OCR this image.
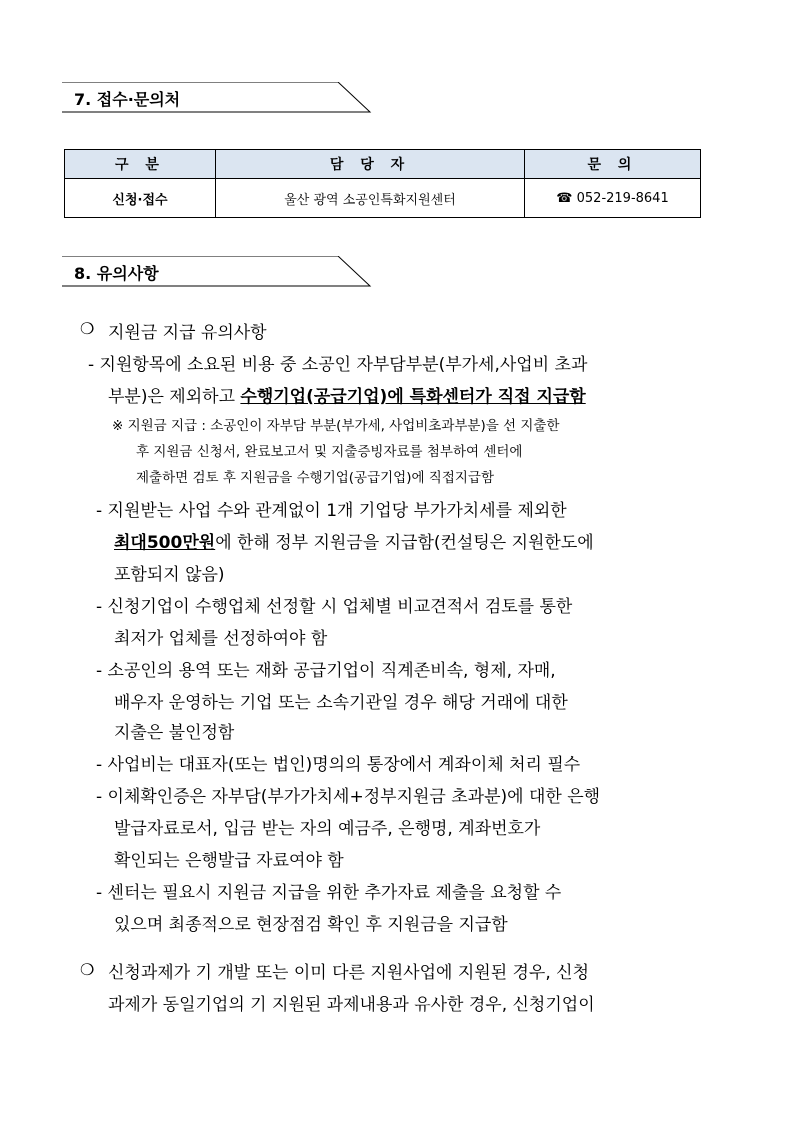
7. 접수·문의처
구 분	담 당 자	문 의
신청·접수	울산 광역 소공인특화지원센터	☎ 052-219-8641
8. 유의사항
❍ 지원금 지급 유의사항
- 지원항목에 소요된 비용 중 소공인 자부담부분(부가세,사업비 초과
부분)은 제외하고 수행기업(공급기업)에 특화센터가 직접 지급함
※ 지원금 지급 : 소공인이 자부담 부분(부가세, 사업비초과부분)을 선 지출한
후 지원금 신청서, 완료보고서 및 지출증빙자료를 첨부하여 센터에
제출하면 검토 후 지원금을 수행기업(공급기업)에 직접지급함
- 지원받는 사업 수와 관계없이 1개 기업당 부가가치세를 제외한
최대500만원에 한해 정부 지원금을 지급함(컨설팅은 지원한도에
포함되지 않음)
- 신청기업이 수행업체 선정할 시 업체별 비교견적서 검토를 통한
최저가 업체를 선정하여야 함
- 소공인의 용역 또는 재화 공급기업이 직계존비속, 형제, 자매,
배우자 운영하는 기업 또는 소속기관일 경우 해당 거래에 대한
지출은 불인정함
- 사업비는 대표자(또는 법인)명의의 통장에서 계좌이체 처리 필수
- 이체확인증은 자부담(부가가치세+정부지원금 초과분)에 대한 은행
발급자료로서, 입금 받는 자의 예금주, 은행명, 계좌번호가
확인되는 은행발급 자료여야 함
- 센터는 필요시 지원금 지급을 위한 추가자료 제출을 요청할 수
있으며 최종적으로 현장점검 확인 후 지원금을 지급함
❍ 신청과제가 기 개발 또는 이미 다른 지원사업에 지원된 경우, 신청
과제가 동일기업의 기 지원된 과제내용과 유사한 경우, 신청기업이
